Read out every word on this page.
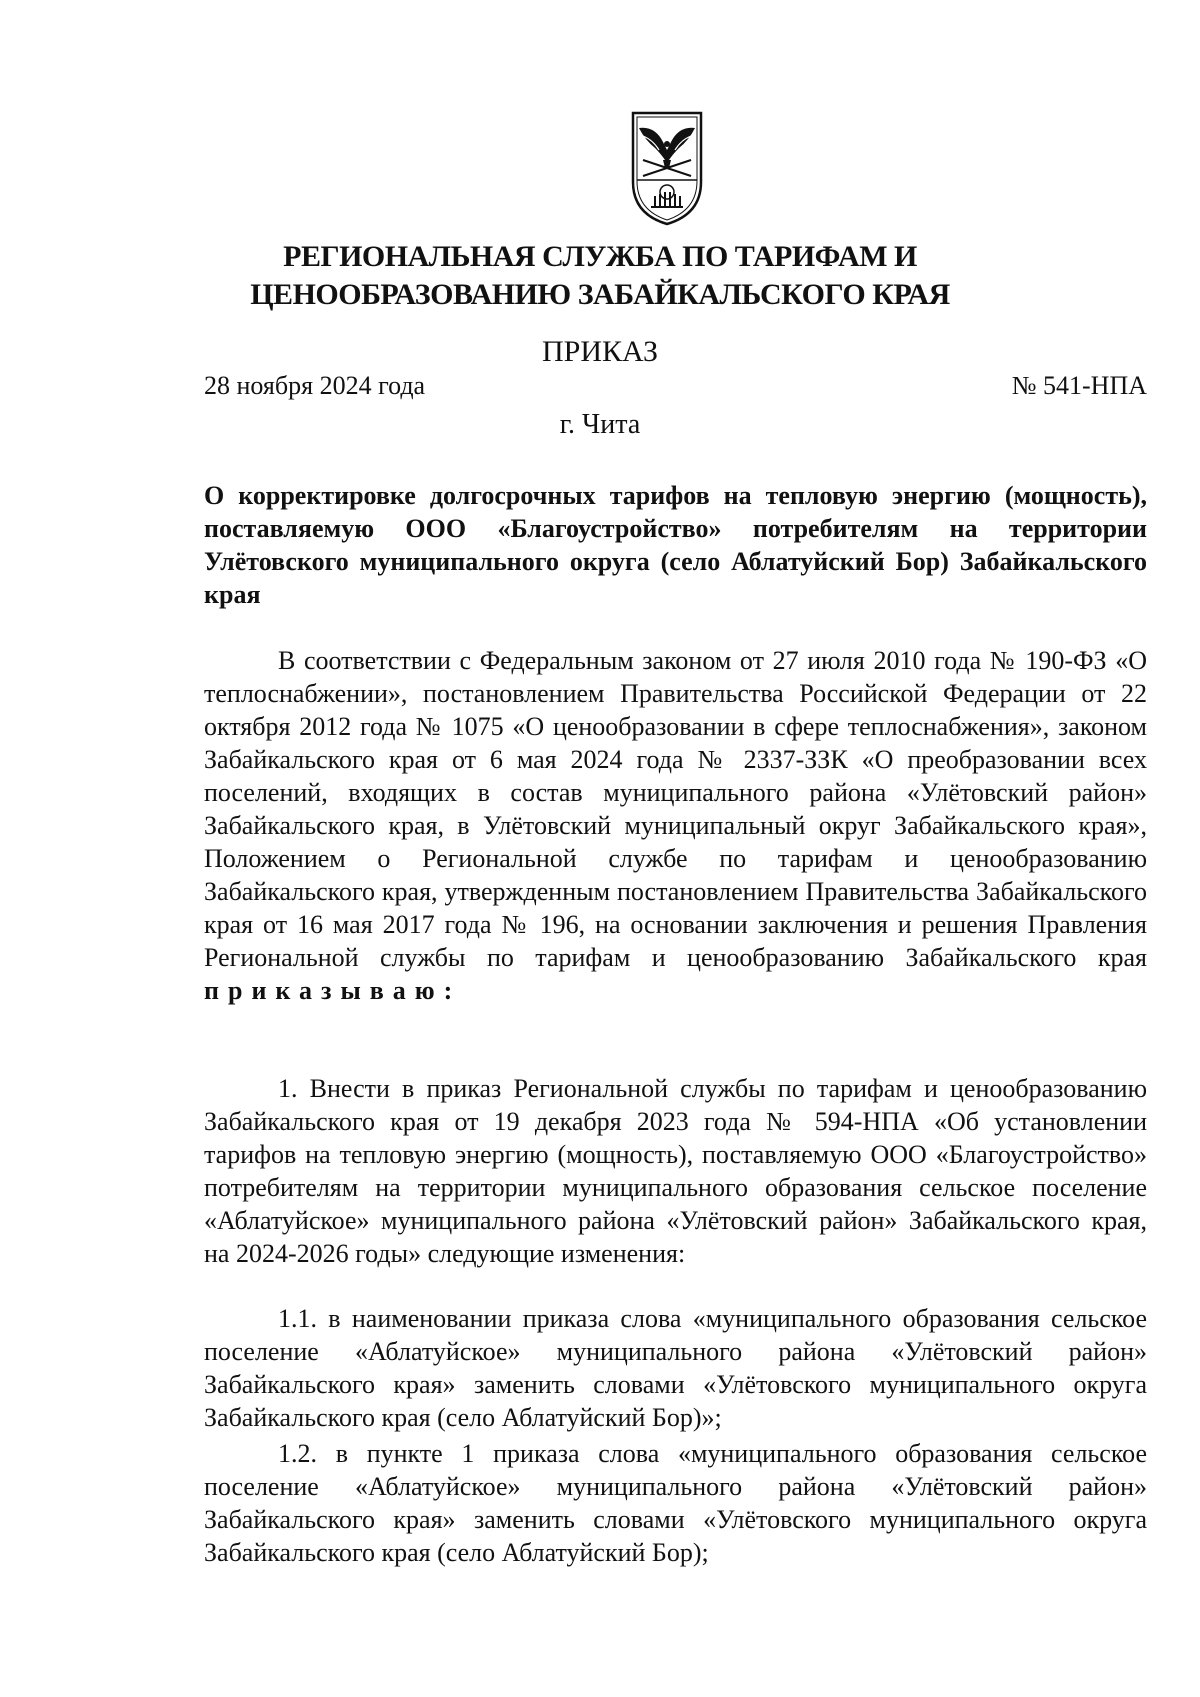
РЕГИОНАЛЬНАЯ СЛУЖБА ПО ТАРИФАМ И
ЦЕНООБРАЗОВАНИЮ ЗАБАЙКАЛЬСКОГО КРАЯ
ПРИКАЗ
28 ноября 2024 года	№ 541-НПА
г. Чита
О корректировке долгосрочных тарифов на тепловую энергию (мощность), поставляемую ООО «Благоустройство» потребителям на территории Улётовского муниципального округа (село Аблатуйский Бор) Забайкальского края

В соответствии с Федеральным законом от 27 июля 2010 года № 190-ФЗ «О теплоснабжении», постановлением Правительства Российской Федерации от 22 октября 2012 года № 1075 «О ценообразовании в сфере теплоснабжения», законом Забайкальского края от 6 мая 2024 года № 2337-ЗЗК «О преобразовании всех поселений, входящих в состав муниципального района «Улётовский район» Забайкальского края, в Улётовский муниципальный округ Забайкальского края», Положением о Региональной службе по тарифам и ценообразованию Забайкальского края, утвержденным постановлением Правительства Забайкальского края от 16 мая 2017 года № 196, на основании заключения и решения Правления Региональной службы по тарифам и ценообразованию Забайкальского края приказываю:

1. Внести в приказ Региональной службы по тарифам и ценообразованию Забайкальского края от 19 декабря 2023 года № 594-НПА «Об установлении тарифов на тепловую энергию (мощность), поставляемую ООО «Благоустройство» потребителям на территории муниципального образования сельское поселение «Аблатуйское» муниципального района «Улётовский район» Забайкальского края, на 2024-2026 годы» следующие изменения:

1.1. в наименовании приказа слова «муниципального образования сельское поселение «Аблатуйское» муниципального района «Улётовский район» Забайкальского края» заменить словами «Улётовского муниципального округа Забайкальского края (село Аблатуйский Бор)»;

1.2. в пункте 1 приказа слова «муниципального образования сельское поселение «Аблатуйское» муниципального района «Улётовский район» Забайкальского края» заменить словами «Улётовского муниципального округа Забайкальского края (село Аблатуйский Бор);
